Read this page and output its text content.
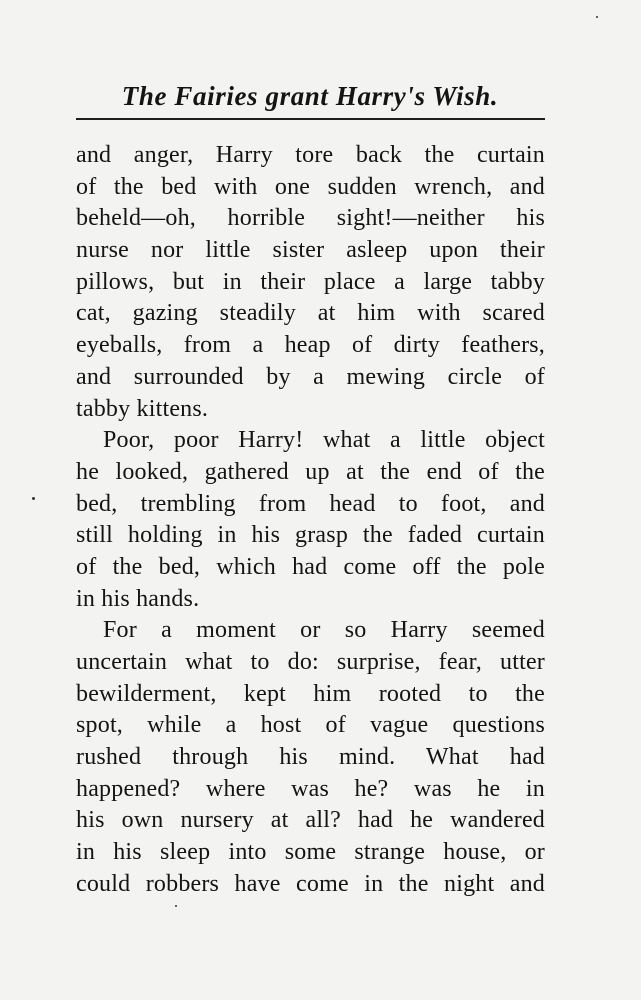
The Fairies grant Harry's Wish.
and anger, Harry tore back the curtain
of the bed with one sudden wrench, and
beheld—oh, horrible sight!—neither his
nurse nor little sister asleep upon their
pillows, but in their place a large tabby
cat, gazing steadily at him with scared
eyeballs, from a heap of dirty feathers,
and surrounded by a mewing circle of
tabby kittens.
Poor, poor Harry! what a little object
he looked, gathered up at the end of the
bed, trembling from head to foot, and
still holding in his grasp the faded curtain
of the bed, which had come off the pole
in his hands.
For a moment or so Harry seemed
uncertain what to do: surprise, fear, utter
bewilderment, kept him rooted to the
spot, while a host of vague questions
rushed through his mind. What had
happened? where was he? was he in
his own nursery at all? had he wandered
in his sleep into some strange house, or
could robbers have come in the night and
